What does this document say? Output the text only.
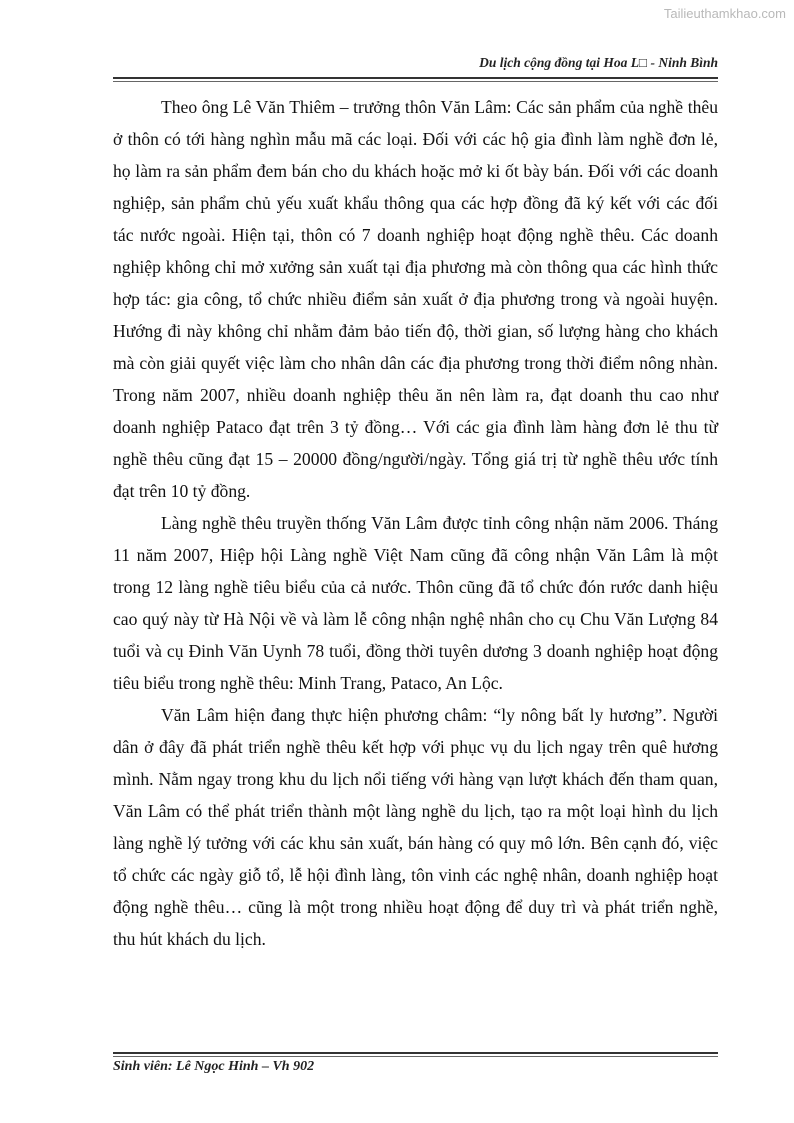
Tailieuthamkhao.com
Du lịch cộng đồng tại Hoa L□ - Ninh Bình

Theo ông Lê Văn Thiêm – trưởng thôn Văn Lâm: Các sản phẩm của nghề thêu ở thôn có tới hàng nghìn mẫu mã các loại. Đối với các hộ gia đình làm nghề đơn lẻ, họ làm ra sản phẩm đem bán cho du khách hoặc mở ki ốt bày bán. Đối với các doanh nghiệp, sản phẩm chủ yếu xuất khẩu thông qua các hợp đồng đã ký kết với các đối tác nước ngoài. Hiện tại, thôn có 7 doanh nghiệp hoạt động nghề thêu. Các doanh nghiệp không chỉ mở xưởng sản xuất tại địa phương mà còn thông qua các hình thức hợp tác: gia công, tổ chức nhiều điểm sản xuất ở địa phương trong và ngoài huyện. Hướng đi này không chỉ nhằm đảm bảo tiến độ, thời gian, số lượng hàng cho khách mà còn giải quyết việc làm cho nhân dân các địa phương trong thời điểm nông nhàn. Trong năm 2007, nhiều doanh nghiệp thêu ăn nên làm ra, đạt doanh thu cao như doanh nghiệp Pataco đạt trên 3 tỷ đồng… Với các gia đình làm hàng đơn lẻ thu từ nghề thêu cũng đạt 15 – 20000 đồng/người/ngày. Tổng giá trị từ nghề thêu ước tính đạt trên 10 tỷ đồng.

Làng nghề thêu truyền thống Văn Lâm được tỉnh công nhận năm 2006. Tháng 11 năm 2007, Hiệp hội Làng nghề Việt Nam cũng đã công nhận Văn Lâm là một trong 12 làng nghề tiêu biểu của cả nước. Thôn cũng đã tổ chức đón rước danh hiệu cao quý này từ Hà Nội về và làm lễ công nhận nghệ nhân cho cụ Chu Văn Lượng 84 tuổi và cụ Đinh Văn Uynh 78 tuổi, đồng thời tuyên dương 3 doanh nghiệp hoạt động tiêu biểu trong nghề thêu: Minh Trang, Pataco, An Lộc.

Văn Lâm hiện đang thực hiện phương châm: “ly nông bất ly hương”. Người dân ở đây đã phát triển nghề thêu kết hợp với phục vụ du lịch ngay trên quê hương mình. Nằm ngay trong khu du lịch nổi tiếng với hàng vạn lượt khách đến tham quan, Văn Lâm có thể phát triển thành một làng nghề du lịch, tạo ra một loại hình du lịch làng nghề lý tưởng với các khu sản xuất, bán hàng có quy mô lớn. Bên cạnh đó, việc tổ chức các ngày giỗ tổ, lễ hội đình làng, tôn vinh các nghệ nhân, doanh nghiệp hoạt động nghề thêu… cũng là một trong nhiều hoạt động để duy trì và phát triển nghề, thu hút khách du lịch.

Sinh viên: Lê Ngọc Hinh – Vh 902
